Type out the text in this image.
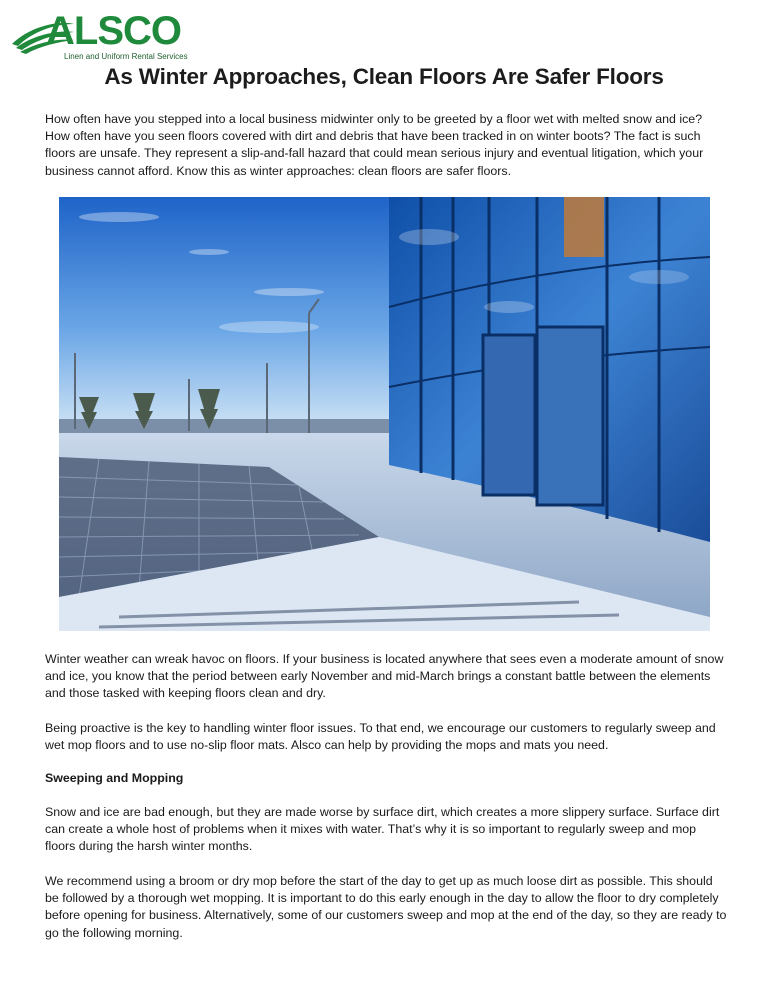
ALSCO
Linen and Uniform Rental Services
As Winter Approaches, Clean Floors Are Safer Floors

How often have you stepped into a local business midwinter only to be greeted by a floor wet with melted snow and ice? How often have you seen floors covered with dirt and debris that have been tracked in on winter boots? The fact is such floors are unsafe. They represent a slip-and-fall hazard that could mean serious injury and eventual litigation, which your business cannot afford. Know this as winter approaches: clean floors are safer floors.

Winter weather can wreak havoc on floors. If your business is located anywhere that sees even a moderate amount of snow and ice, you know that the period between early November and mid-March brings a constant battle between the elements and those tasked with keeping floors clean and dry.

Being proactive is the key to handling winter floor issues. To that end, we encourage our customers to regularly sweep and wet mop floors and to use no-slip floor mats. Alsco can help by providing the mops and mats you need.

Sweeping and Mopping

Snow and ice are bad enough, but they are made worse by surface dirt, which creates a more slippery surface. Surface dirt can create a whole host of problems when it mixes with water. That’s why it is so important to regularly sweep and mop floors during the harsh winter months.

We recommend using a broom or dry mop before the start of the day to get up as much loose dirt as possible. This should be followed by a thorough wet mopping. It is important to do this early enough in the day to allow the floor to dry completely before opening for business. Alternatively, some of our customers sweep and mop at the end of the day, so they are ready to go the following morning.
